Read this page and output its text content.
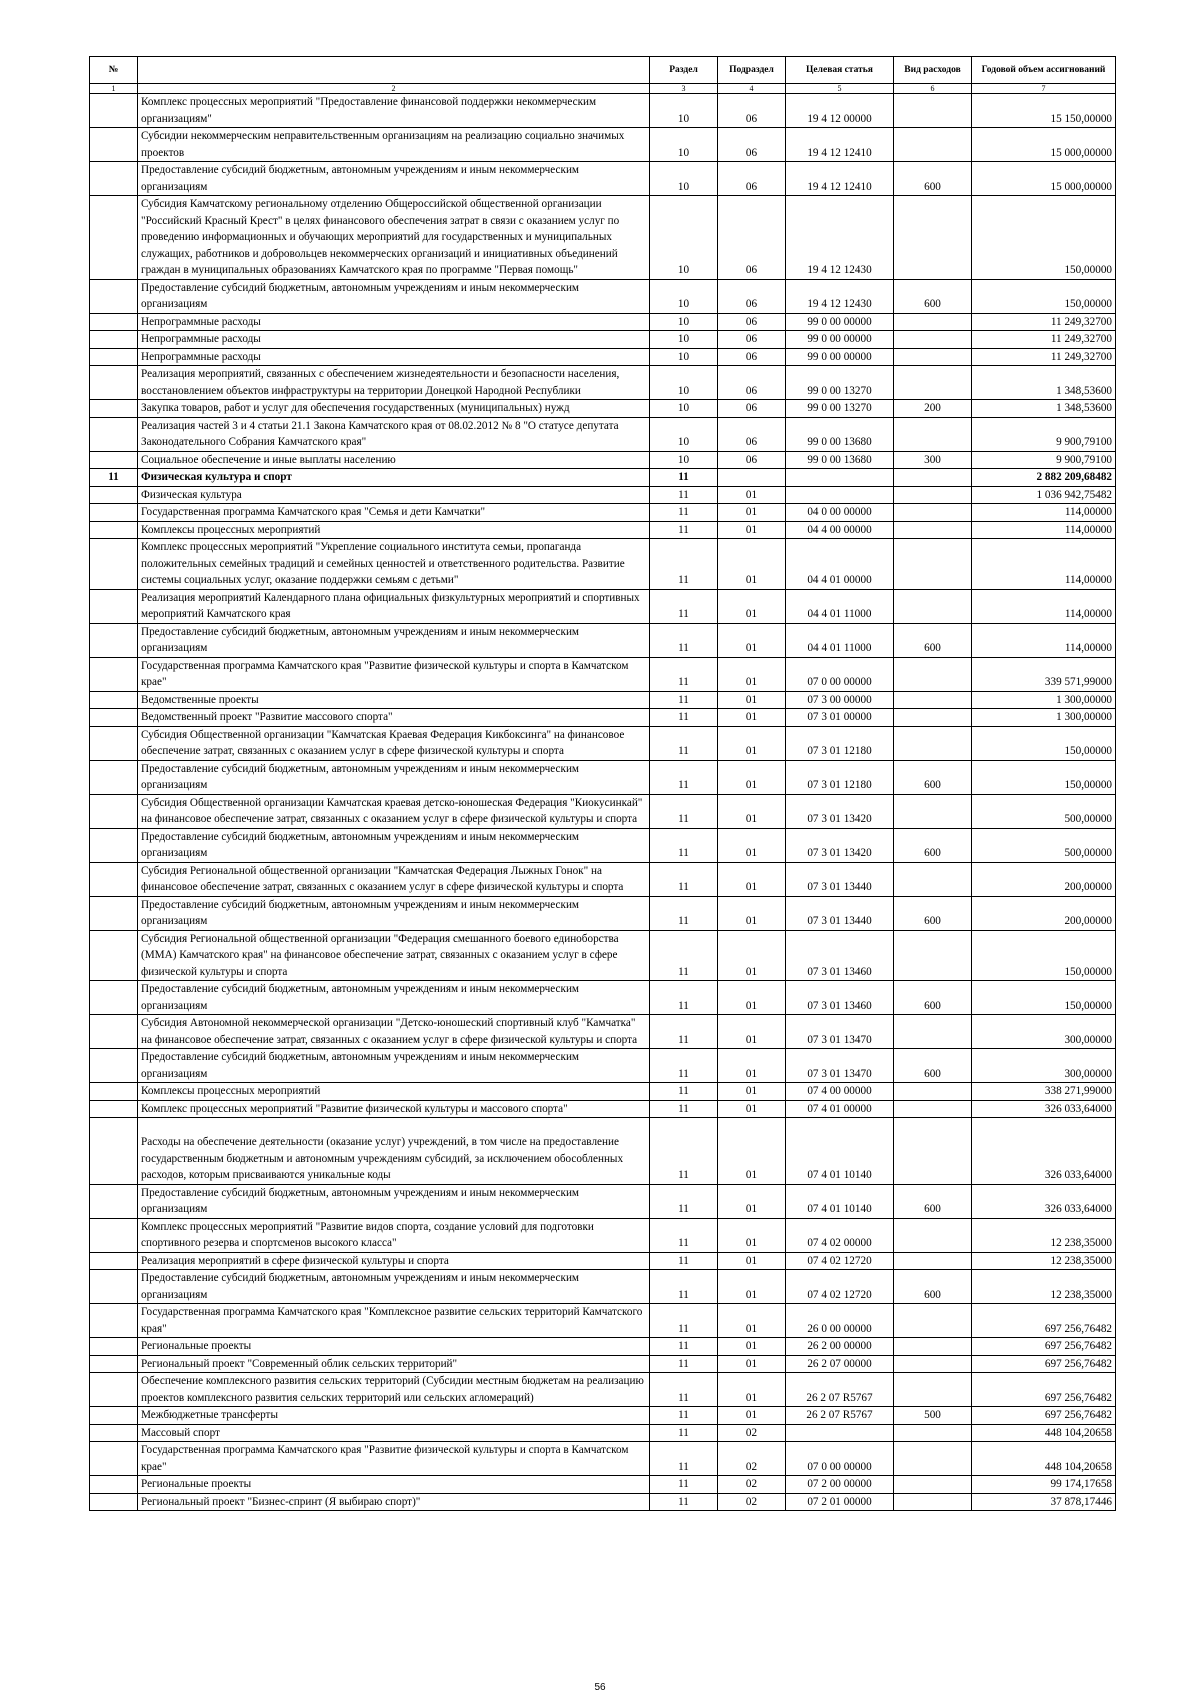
№		Раздел	Подраздел	Целевая статья	Вид расходов	Годовой объем ассигнований
1	2	3	4	5	6	7
	Комплекс процессных мероприятий "Предоставление финансовой поддержки некоммерческим организациям"	10	06	19 4 12 00000		15 150,00000
	Субсидии некоммерческим неправительственным организациям на реализацию социально значимых проектов	10	06	19 4 12 12410		15 000,00000
	Предоставление субсидий бюджетным, автономным учреждениям и иным некоммерческим организациям	10	06	19 4 12 12410	600	15 000,00000
	Субсидия Камчатскому региональному отделению Общероссийской общественной организации "Российский Красный Крест" в целях финансового обеспечения затрат в связи с оказанием услуг по проведению информационных и обучающих мероприятий для государственных и муниципальных служащих, работников и добровольцев некоммерческих организаций и инициативных объединений граждан в муниципальных образованиях Камчатского края по программе "Первая помощь"	10	06	19 4 12 12430		150,00000
	Предоставление субсидий бюджетным, автономным учреждениям и иным некоммерческим организациям	10	06	19 4 12 12430	600	150,00000
	Непрограммные расходы	10	06	99 0 00 00000		11 249,32700
	Непрограммные расходы	10	06	99 0 00 00000		11 249,32700
	Непрограммные расходы	10	06	99 0 00 00000		11 249,32700
	Реализация мероприятий, связанных с обеспечением жизнедеятельности и безопасности населения, восстановлением объектов инфраструктуры на территории Донецкой Народной Республики	10	06	99 0 00 13270		1 348,53600
	Закупка товаров, работ и услуг для обеспечения государственных (муниципальных) нужд	10	06	99 0 00 13270	200	1 348,53600
	Реализация частей 3 и 4 статьи 21.1 Закона Камчатского края от 08.02.2012 № 8 "О статусе депутата Законодательного Собрания Камчатского края"	10	06	99 0 00 13680		9 900,79100
	Социальное обеспечение и иные выплаты населению	10	06	99 0 00 13680	300	9 900,79100
11	Физическая культура и спорт	11				2 882 209,68482
	Физическая культура	11	01			1 036 942,75482
	Государственная программа Камчатского края "Семья и дети Камчатки"	11	01	04 0 00 00000		114,00000
	Комплексы процессных мероприятий	11	01	04 4 00 00000		114,00000
	Комплекс процессных мероприятий "Укрепление социального института семьи, пропаганда положительных семейных традиций и семейных ценностей и ответственного родительства. Развитие системы социальных услуг, оказание поддержки семьям с детьми"	11	01	04 4 01 00000		114,00000
	Реализация мероприятий Календарного плана официальных физкультурных мероприятий и спортивных мероприятий Камчатского края	11	01	04 4 01 11000		114,00000
	Предоставление субсидий бюджетным, автономным учреждениям и иным некоммерческим организациям	11	01	04 4 01 11000	600	114,00000
	Государственная программа Камчатского края "Развитие физической культуры и спорта в Камчатском крае"	11	01	07 0 00 00000		339 571,99000
	Ведомственные проекты	11	01	07 3 00 00000		1 300,00000
	Ведомственный проект "Развитие массового спорта"	11	01	07 3 01 00000		1 300,00000
	Субсидия Общественной организации "Камчатская Краевая Федерация Кикбоксинга" на финансовое обеспечение затрат, связанных с оказанием услуг в сфере физической культуры и спорта	11	01	07 3 01 12180		150,00000
	Предоставление субсидий бюджетным, автономным учреждениям и иным некоммерческим организациям	11	01	07 3 01 12180	600	150,00000
	Субсидия Общественной организации Камчатская краевая детско-юношеская Федерация "Киокусинкай" на финансовое обеспечение затрат, связанных с оказанием услуг в сфере физической культуры и спорта	11	01	07 3 01 13420		500,00000
	Предоставление субсидий бюджетным, автономным учреждениям и иным некоммерческим организациям	11	01	07 3 01 13420	600	500,00000
	Субсидия Региональной общественной организации "Камчатская Федерация Лыжных Гонок" на финансовое обеспечение затрат, связанных с оказанием услуг в сфере физической культуры и спорта	11	01	07 3 01 13440		200,00000
	Предоставление субсидий бюджетным, автономным учреждениям и иным некоммерческим организациям	11	01	07 3 01 13440	600	200,00000
	Субсидия Региональной общественной организации "Федерация смешанного боевого единоборства (ММА) Камчатского края" на финансовое обеспечение затрат, связанных с оказанием услуг в сфере физической культуры и спорта	11	01	07 3 01 13460		150,00000
	Предоставление субсидий бюджетным, автономным учреждениям и иным некоммерческим организациям	11	01	07 3 01 13460	600	150,00000
	Субсидия Автономной некоммерческой организации "Детско-юношеский спортивный клуб "Камчатка" на финансовое обеспечение затрат, связанных с оказанием услуг в сфере физической культуры и спорта	11	01	07 3 01 13470		300,00000
	Предоставление субсидий бюджетным, автономным учреждениям и иным некоммерческим организациям	11	01	07 3 01 13470	600	300,00000
	Комплексы процессных мероприятий	11	01	07 4 00 00000		338 271,99000
	Комплекс процессных мероприятий "Развитие физической культуры и массового спорта"	11	01	07 4 01 00000		326 033,64000
	Расходы на обеспечение деятельности (оказание услуг) учреждений, в том числе на предоставление государственным бюджетным и автономным учреждениям субсидий, за исключением обособленных расходов, которым присваиваются уникальные коды	11	01	07 4 01 10140		326 033,64000
	Предоставление субсидий бюджетным, автономным учреждениям и иным некоммерческим организациям	11	01	07 4 01 10140	600	326 033,64000
	Комплекс процессных мероприятий "Развитие видов спорта, создание условий для подготовки спортивного резерва и спортсменов высокого класса"	11	01	07 4 02 00000		12 238,35000
	Реализация мероприятий в сфере физической культуры и спорта	11	01	07 4 02 12720		12 238,35000
	Предоставление субсидий бюджетным, автономным учреждениям и иным некоммерческим организациям	11	01	07 4 02 12720	600	12 238,35000
	Государственная программа Камчатского края "Комплексное развитие сельских территорий Камчатского края"	11	01	26 0 00 00000		697 256,76482
	Региональные проекты	11	01	26 2 00 00000		697 256,76482
	Региональный проект "Современный облик сельских территорий"	11	01	26 2 07 00000		697 256,76482
	Обеспечение комплексного развития сельских территорий (Субсидии местным бюджетам на реализацию проектов комплексного развития сельских территорий или сельских агломераций)	11	01	26 2 07 R5767		697 256,76482
	Межбюджетные трансферты	11	01	26 2 07 R5767	500	697 256,76482
	Массовый спорт	11	02			448 104,20658
	Государственная программа Камчатского края "Развитие физической культуры и спорта в Камчатском крае"	11	02	07 0 00 00000		448 104,20658
	Региональные проекты	11	02	07 2 00 00000		99 174,17658
	Региональный проект "Бизнес-спринт (Я выбираю спорт)"	11	02	07 2 01 00000		37 878,17446
56
